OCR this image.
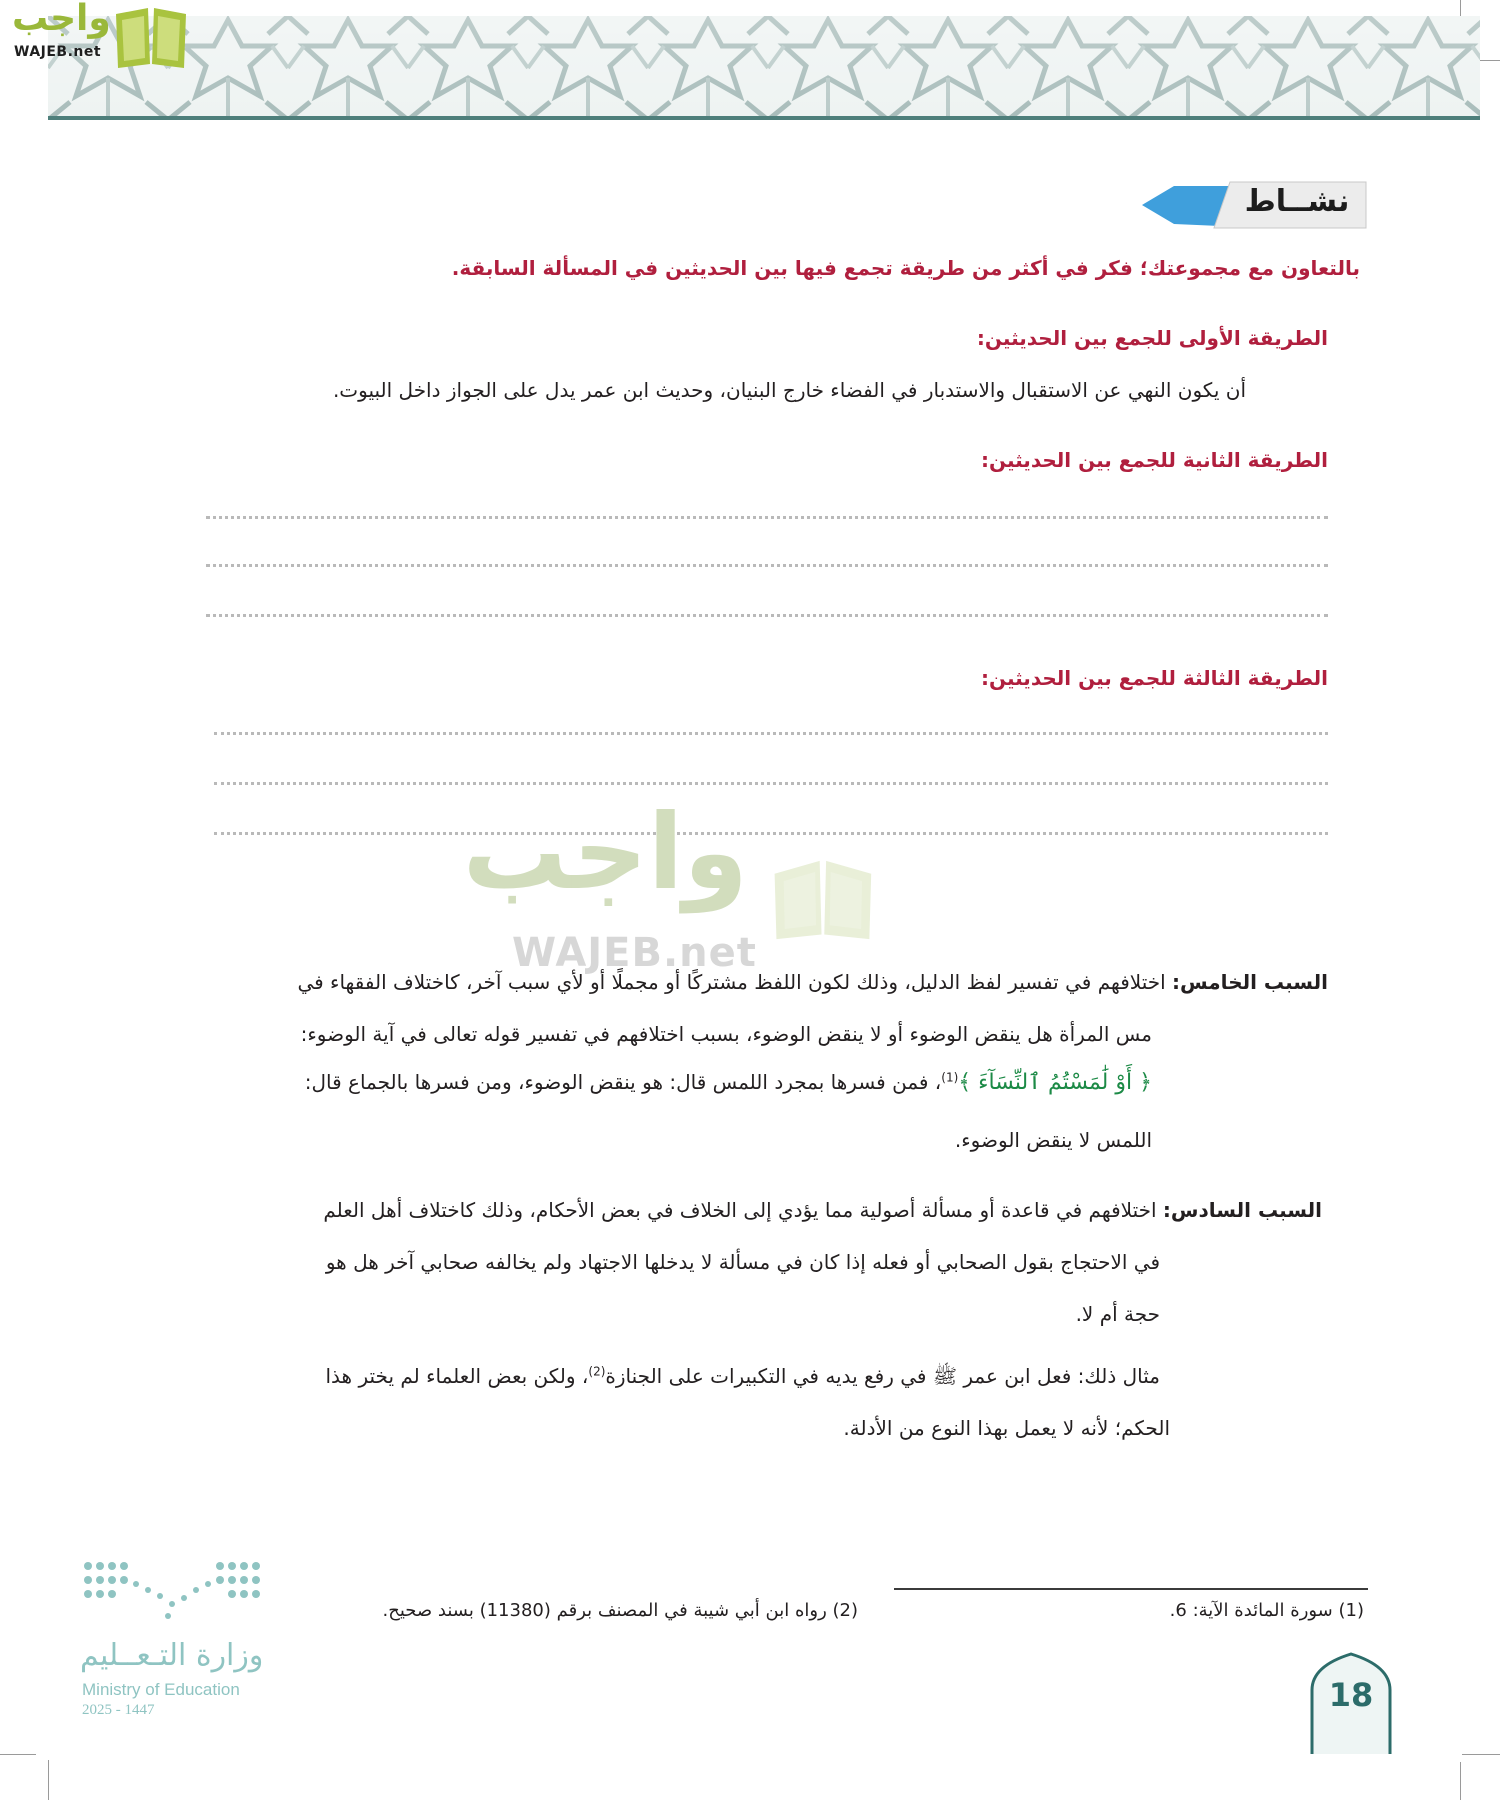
واجب
WAJEB.net
نشــاط
بالتعاون مع مجموعتك؛ فكر في أكثر من طريقة تجمع فيها بين الحديثين في المسألة السابقة.
الطريقة الأولى للجمع بين الحديثين:
أن يكون النهي عن الاستقبال والاستدبار في الفضاء خارج البنيان، وحديث ابن عمر يدل على الجواز داخل البيوت.
الطريقة الثانية للجمع بين الحديثين:
الطريقة الثالثة للجمع بين الحديثين:
واجب
WAJEB.net
السبب الخامس: اختلافهم في تفسير لفظ الدليل، وذلك لكون اللفظ مشتركًا أو مجملًا أو لأي سبب آخر، كاختلاف الفقهاء في
مس المرأة هل ينقض الوضوء أو لا ينقض الوضوء، بسبب اختلافهم في تفسير قوله تعالى في آية الوضوء:
﴿ أَوْ لَٰمَسْتُمُ ٱلنِّسَآءَ ﴾$^{(1)}$، فمن فسرها بمجرد اللمس قال: هو ينقض الوضوء، ومن فسرها بالجماع قال:
اللمس لا ينقض الوضوء.
السبب السادس: اختلافهم في قاعدة أو مسألة أصولية مما يؤدي إلى الخلاف في بعض الأحكام، وذلك كاختلاف أهل العلم
في الاحتجاج بقول الصحابي أو فعله إذا كان في مسألة لا يدخلها الاجتهاد ولم يخالفه صحابي آخر هل هو
حجة أم لا.
مثال ذلك: فعل ابن عمر ﷺ في رفع يديه في التكبيرات على الجنازة$^{(2)}$، ولكن بعض العلماء لم يختر هذا
الحكم؛ لأنه لا يعمل بهذا النوع من الأدلة.
(1) سورة المائدة الآية: 6.
(2) رواه ابن أبي شيبة في المصنف برقم (11380) بسند صحيح.
وزارة التـعــليم
Ministry of Education
2025 - 1447	18
